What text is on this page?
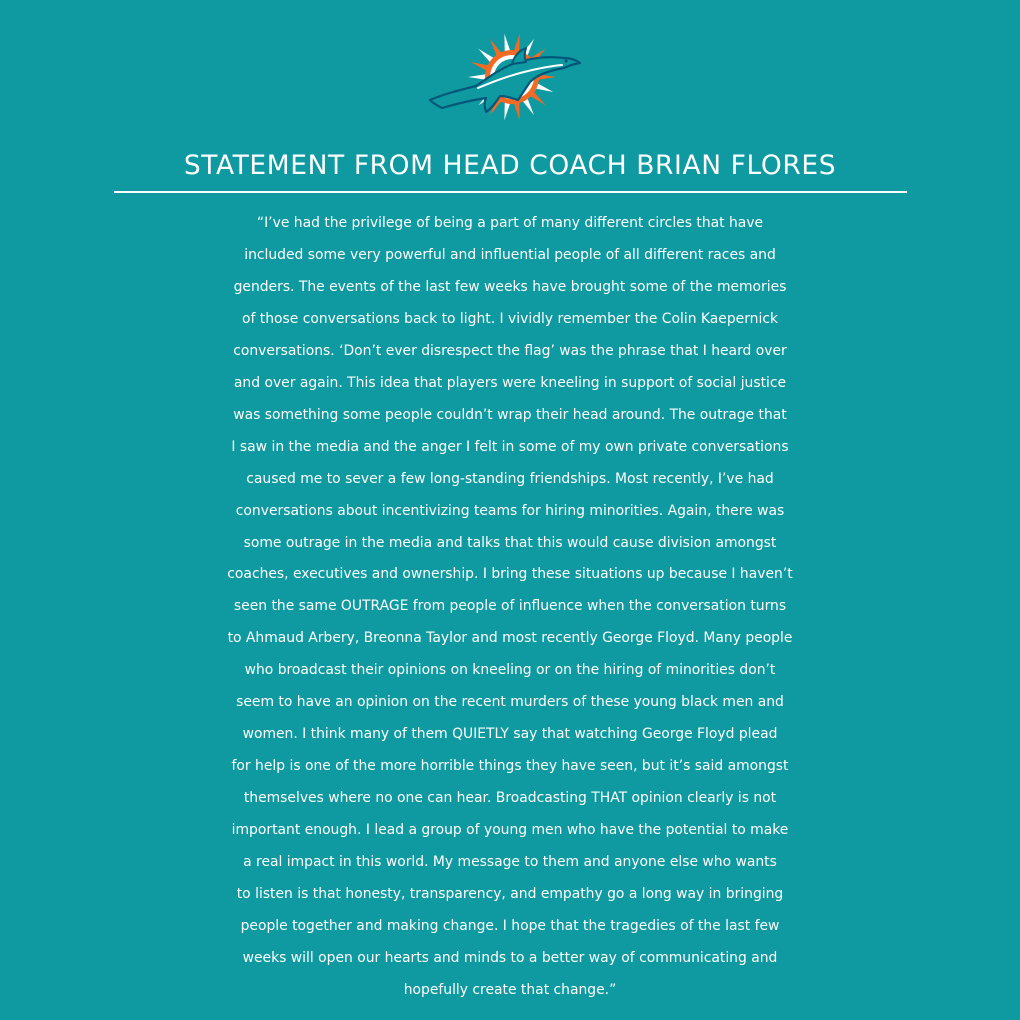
STATEMENT FROM HEAD COACH BRIAN FLORES
“I’ve had the privilege of being a part of many different circles that have
included some very powerful and influential people of all different races and
genders. The events of the last few weeks have brought some of the memories
of those conversations back to light. I vividly remember the Colin Kaepernick
conversations. ‘Don’t ever disrespect the flag’ was the phrase that I heard over
and over again. This idea that players were kneeling in support of social justice
was something some people couldn’t wrap their head around. The outrage that
I saw in the media and the anger I felt in some of my own private conversations
caused me to sever a few long-standing friendships. Most recently, I’ve had
conversations about incentivizing teams for hiring minorities. Again, there was
some outrage in the media and talks that this would cause division amongst
coaches, executives and ownership. I bring these situations up because I haven’t
seen the same OUTRAGE from people of influence when the conversation turns
to Ahmaud Arbery, Breonna Taylor and most recently George Floyd. Many people
who broadcast their opinions on kneeling or on the hiring of minorities don’t
seem to have an opinion on the recent murders of these young black men and
women. I think many of them QUIETLY say that watching George Floyd plead
for help is one of the more horrible things they have seen, but it’s said amongst
themselves where no one can hear. Broadcasting THAT opinion clearly is not
important enough. I lead a group of young men who have the potential to make
a real impact in this world. My message to them and anyone else who wants
to listen is that honesty, transparency, and empathy go a long way in bringing
people together and making change. I hope that the tragedies of the last few
weeks will open our hearts and minds to a better way of communicating and
hopefully create that change.”
